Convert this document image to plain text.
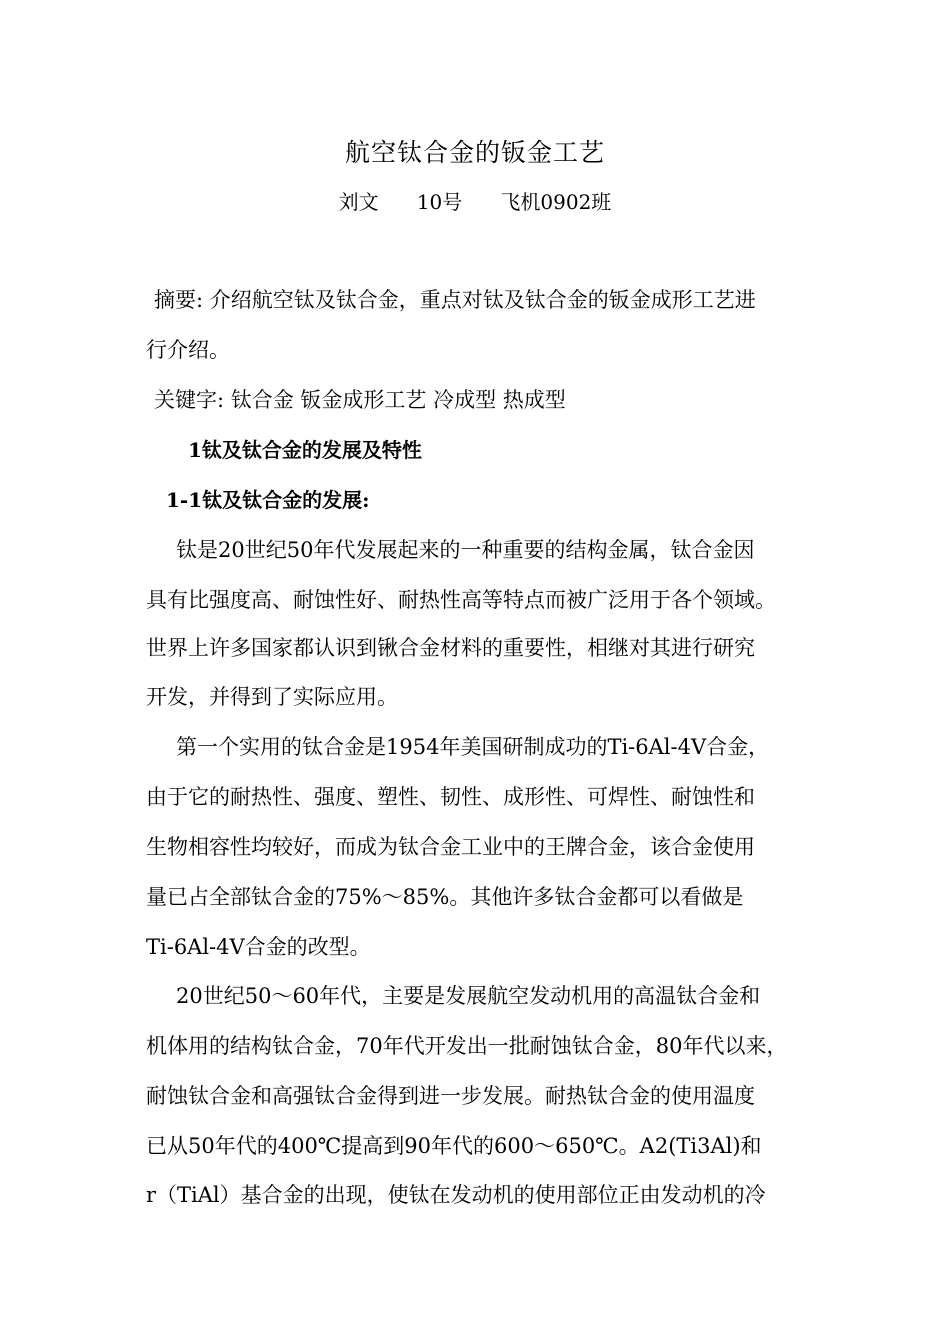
航空钛合金的钣金工艺
刘文      10号      飞机0902班
摘要: 介绍航空钛及钛合金，重点对钛及钛合金的钣金成形工艺进
行介绍。
关键字: 钛合金 钣金成形工艺 冷成型 热成型
1钛及钛合金的发展及特性
1-1钛及钛合金的发展:
钛是20世纪50年代发展起来的一种重要的结构金属，钛合金因
具有比强度高、耐蚀性好、耐热性高等特点而被广泛用于各个领域。
世界上许多国家都认识到锹合金材料的重要性，相继对其进行研究
开发，并得到了实际应用。
第一个实用的钛合金是1954年美国研制成功的Ti-6Al-4V合金，
由于它的耐热性、强度、塑性、韧性、成形性、可焊性、耐蚀性和
生物相容性均较好，而成为钛合金工业中的王牌合金，该合金使用
量已占全部钛合金的75%～85%。其他许多钛合金都可以看做是
Ti-6Al-4V合金的改型。
20世纪50～60年代，主要是发展航空发动机用的高温钛合金和
机体用的结构钛合金，70年代开发出一批耐蚀钛合金，80年代以来，
耐蚀钛合金和高强钛合金得到进一步发展。耐热钛合金的使用温度
已从50年代的400℃提高到90年代的600～650℃。A2(Ti3Al)和
r（TiAl）基合金的出现，使钛在发动机的使用部位正由发动机的冷
